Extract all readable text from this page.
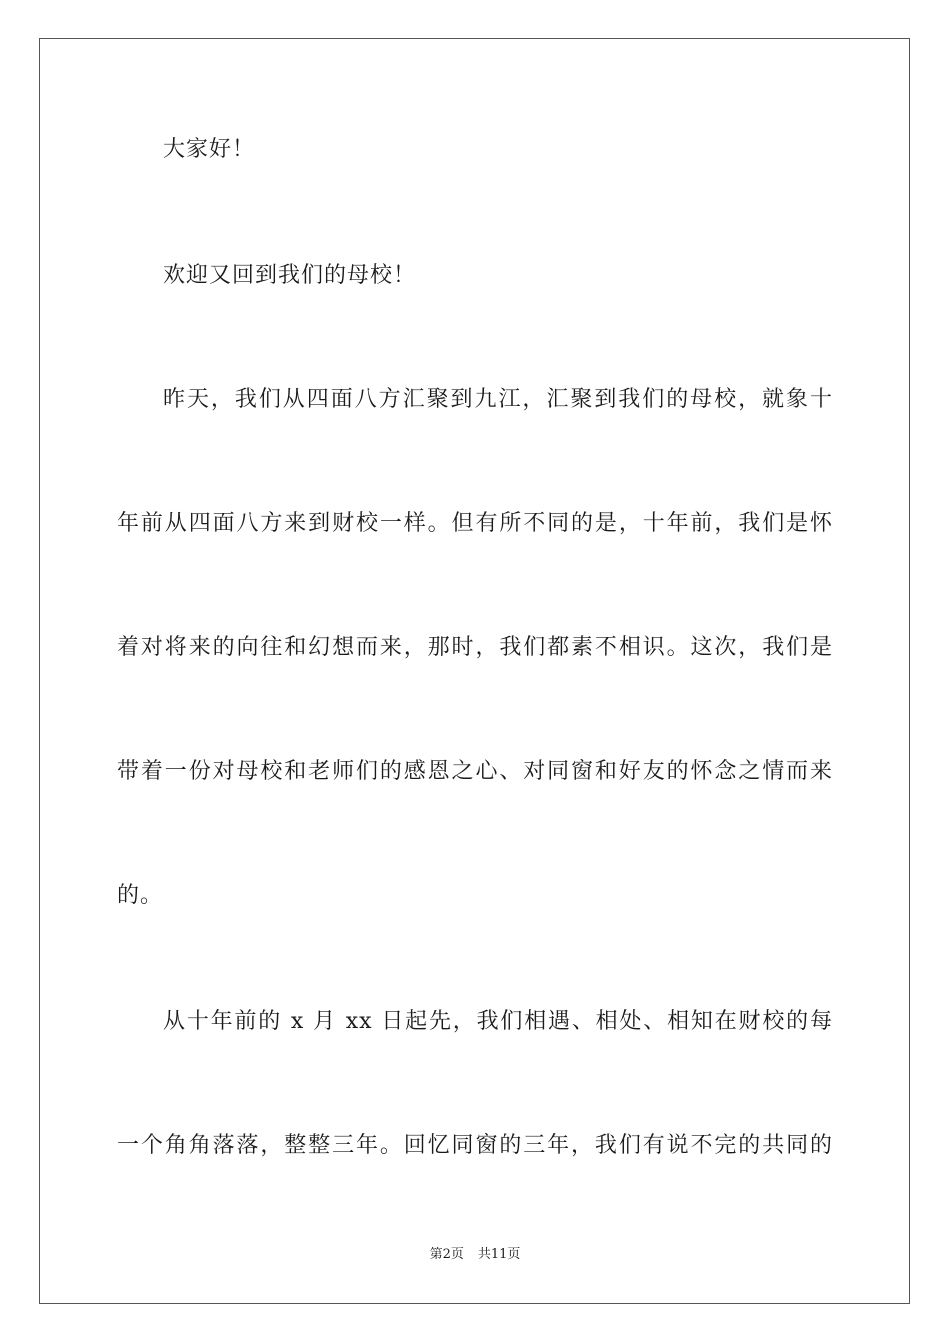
大家好！
欢迎又回到我们的母校！
昨天，我们从四面八方汇聚到九江，汇聚到我们的母校，就象十
年前从四面八方来到财校一样。但有所不同的是，十年前，我们是怀
着对将来的向往和幻想而来，那时，我们都素不相识。这次，我们是
带着一份对母校和老师们的感恩之心、对同窗和好友的怀念之情而来
的。
从十年前的 x 月 xx 日起先，我们相遇、相处、相知在财校的每
一个角角落落，整整三年。回忆同窗的三年，我们有说不完的共同的
第2页 共11页
